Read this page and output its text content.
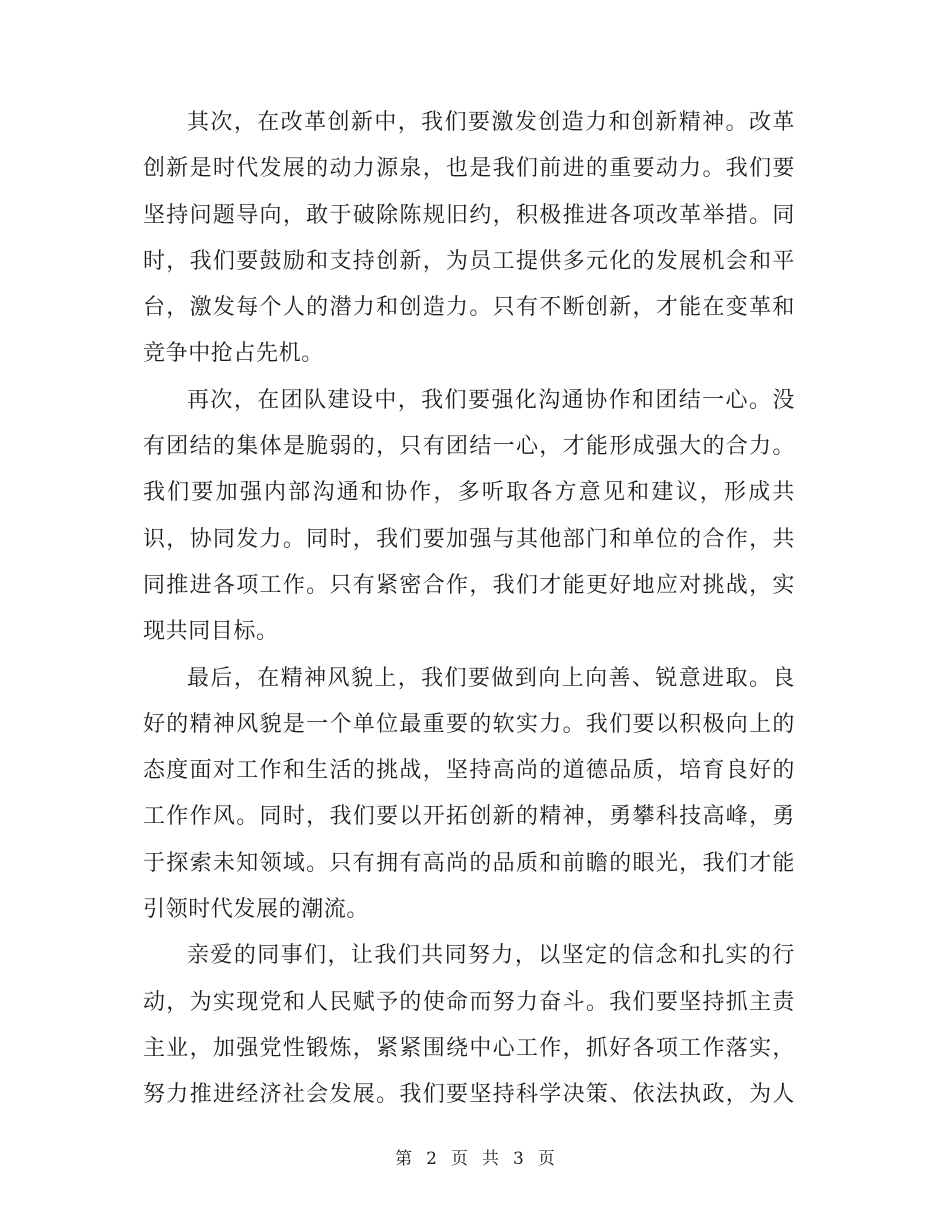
其次，在改革创新中，我们要激发创造力和创新精神。改革
创新是时代发展的动力源泉，也是我们前进的重要动力。我们要
坚持问题导向，敢于破除陈规旧约，积极推进各项改革举措。同
时，我们要鼓励和支持创新，为员工提供多元化的发展机会和平
台，激发每个人的潜力和创造力。只有不断创新，才能在变革和
竞争中抢占先机。
再次，在团队建设中，我们要强化沟通协作和团结一心。没
有团结的集体是脆弱的，只有团结一心，才能形成强大的合力。
我们要加强内部沟通和协作，多听取各方意见和建议，形成共
识，协同发力。同时，我们要加强与其他部门和单位的合作，共
同推进各项工作。只有紧密合作，我们才能更好地应对挑战，实
现共同目标。
最后，在精神风貌上，我们要做到向上向善、锐意进取。良
好的精神风貌是一个单位最重要的软实力。我们要以积极向上的
态度面对工作和生活的挑战，坚持高尚的道德品质，培育良好的
工作作风。同时，我们要以开拓创新的精神，勇攀科技高峰，勇
于探索未知领域。只有拥有高尚的品质和前瞻的眼光，我们才能
引领时代发展的潮流。
亲爱的同事们，让我们共同努力，以坚定的信念和扎实的行
动，为实现党和人民赋予的使命而努力奋斗。我们要坚持抓主责
主业，加强党性锻炼，紧紧围绕中心工作，抓好各项工作落实，
努力推进经济社会发展。我们要坚持科学决策、依法执政，为人
第 2 页 共 3 页
